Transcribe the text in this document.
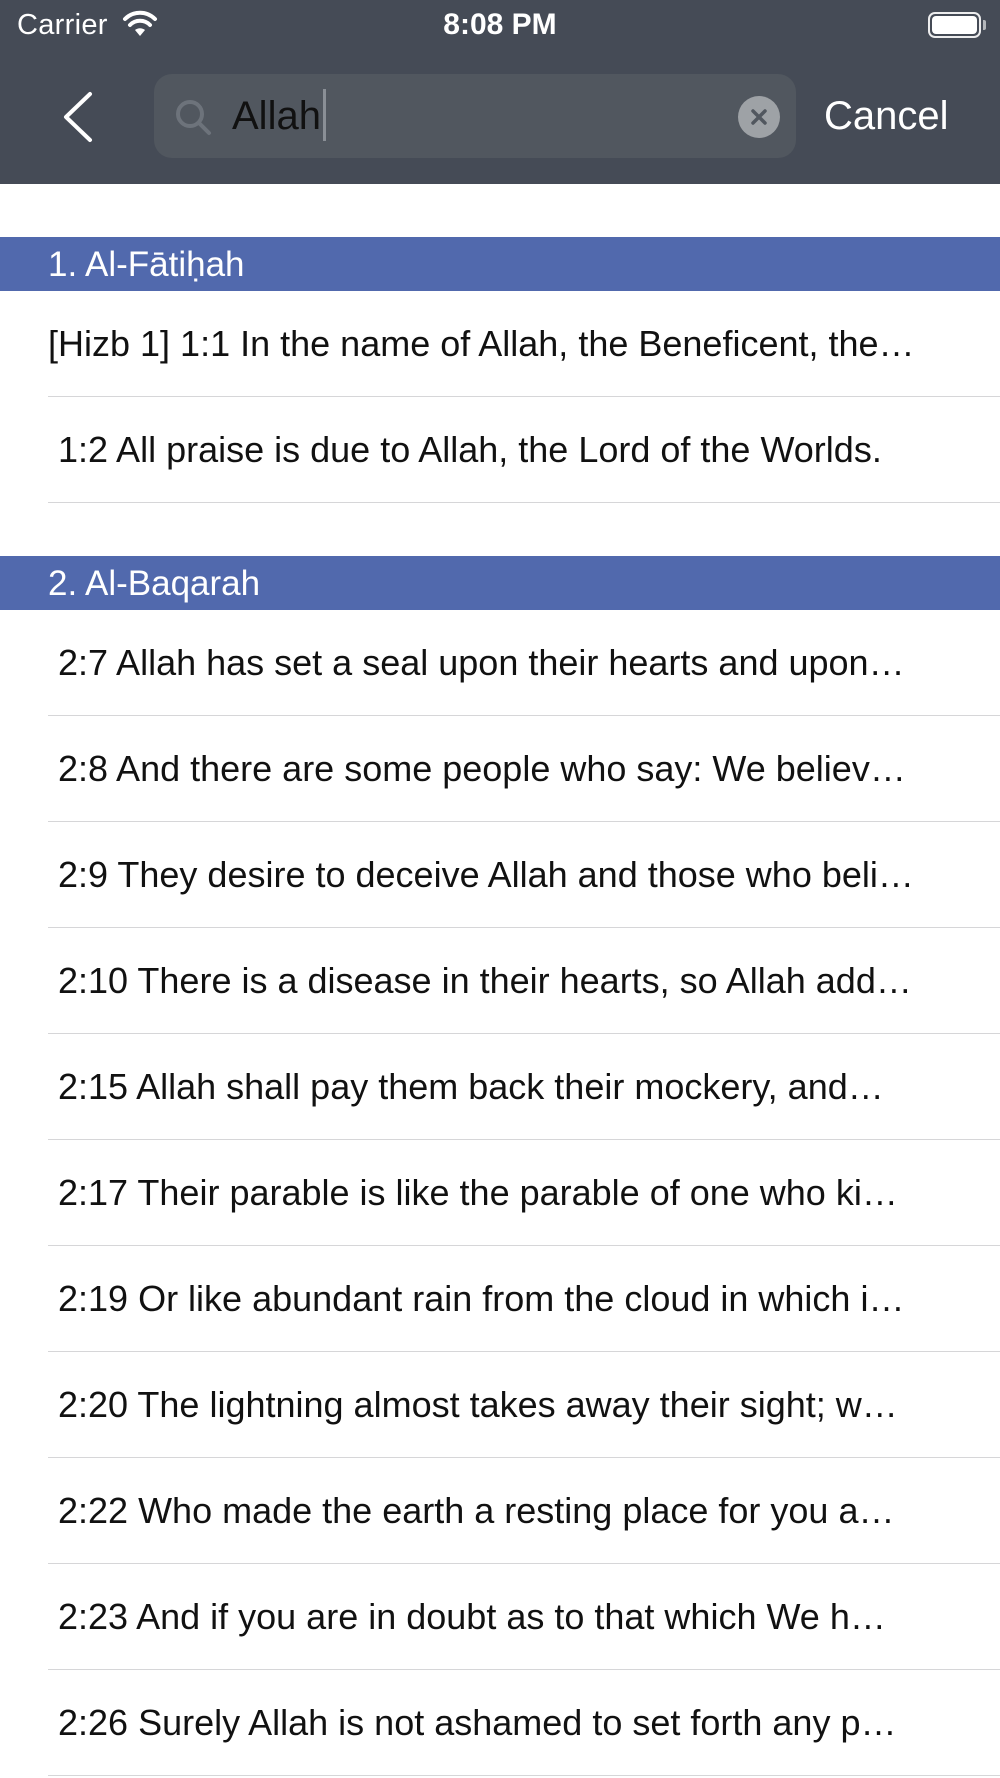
Carrier	8:08 PM
Allah	Cancel
1. Al-Fātiḥah
[Hizb 1] 1:1 In the name of Allah, the Beneficent, the…
1:2 All praise is due to Allah, the Lord of the Worlds.
2. Al-Baqarah
2:7 Allah has set a seal upon their hearts and upon…
2:8 And there are some people who say: We believ…
2:9 They desire to deceive Allah and those who beli…
2:10 There is a disease in their hearts, so Allah add…
2:15 Allah shall pay them back their mockery, and…
2:17 Their parable is like the parable of one who ki…
2:19 Or like abundant rain from the cloud in which i…
2:20 The lightning almost takes away their sight; w…
2:22 Who made the earth a resting place for you a…
2:23 And if you are in doubt as to that which We h…
2:26 Surely Allah is not ashamed to set forth any p…
